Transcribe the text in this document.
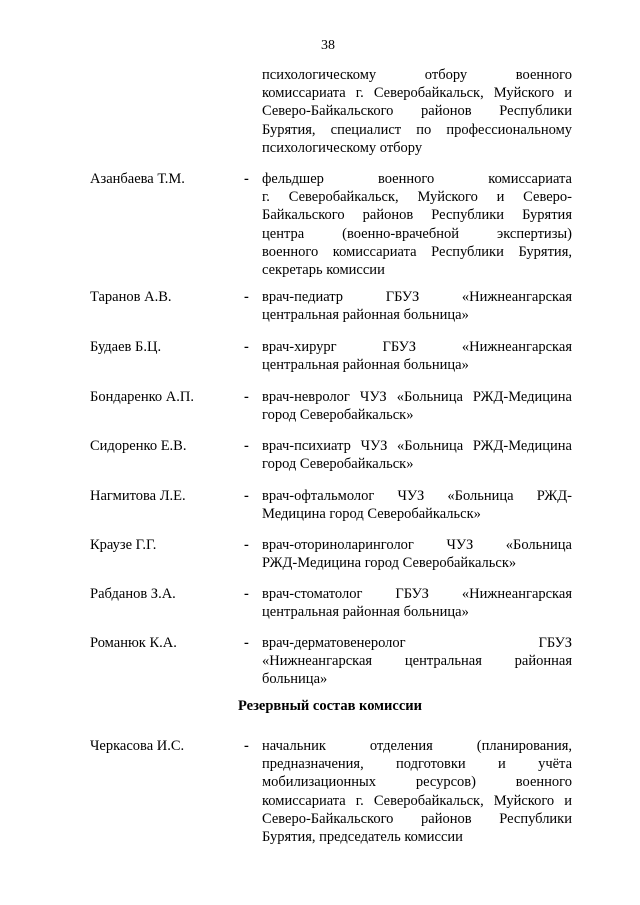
38
психологическому отбору военного
комиссариата г. Северобайкальск, Муйского и
Северо-Байкальского районов Республики
Бурятия, специалист по профессиональному
психологическому отбору
Азанбаева Т.М.	- фельдшер военного комиссариата
г. Северобайкальск, Муйского и Северо-
Байкальского районов Республики Бурятия
центра (военно-врачебной экспертизы)
военного комиссариата Республики Бурятия,
секретарь комиссии
Таранов А.В.	- врач-педиатр ГБУЗ «Нижнеангарская
центральная районная больница»
Будаев Б.Ц.	- врач-хирург ГБУЗ «Нижнеангарская
центральная районная больница»
Бондаренко А.П.	- врач-невролог ЧУЗ «Больница РЖД-Медицина
город Северобайкальск»
Сидоренко Е.В.	- врач-психиатр ЧУЗ «Больница РЖД-Медицина
город Северобайкальск»
Нагмитова Л.Е.	- врач-офтальмолог ЧУЗ «Больница РЖД-
Медицина город Северобайкальск»
Краузе Г.Г.	- врач-оториноларинголог ЧУЗ «Больница
РЖД-Медицина город Северобайкальск»
Рабданов З.А.	- врач-стоматолог ГБУЗ «Нижнеангарская
центральная районная больница»
Романюк К.А.	- врач-дерматовенеролог ГБУЗ
«Нижнеангарская центральная районная
больница»
Резервный состав комиссии
Черкасова И.С.	- начальник отделения (планирования,
предназначения, подготовки и учёта
мобилизационных ресурсов) военного
комиссариата г. Северобайкальск, Муйского и
Северо-Байкальского районов Республики
Бурятия, председатель комиссии
